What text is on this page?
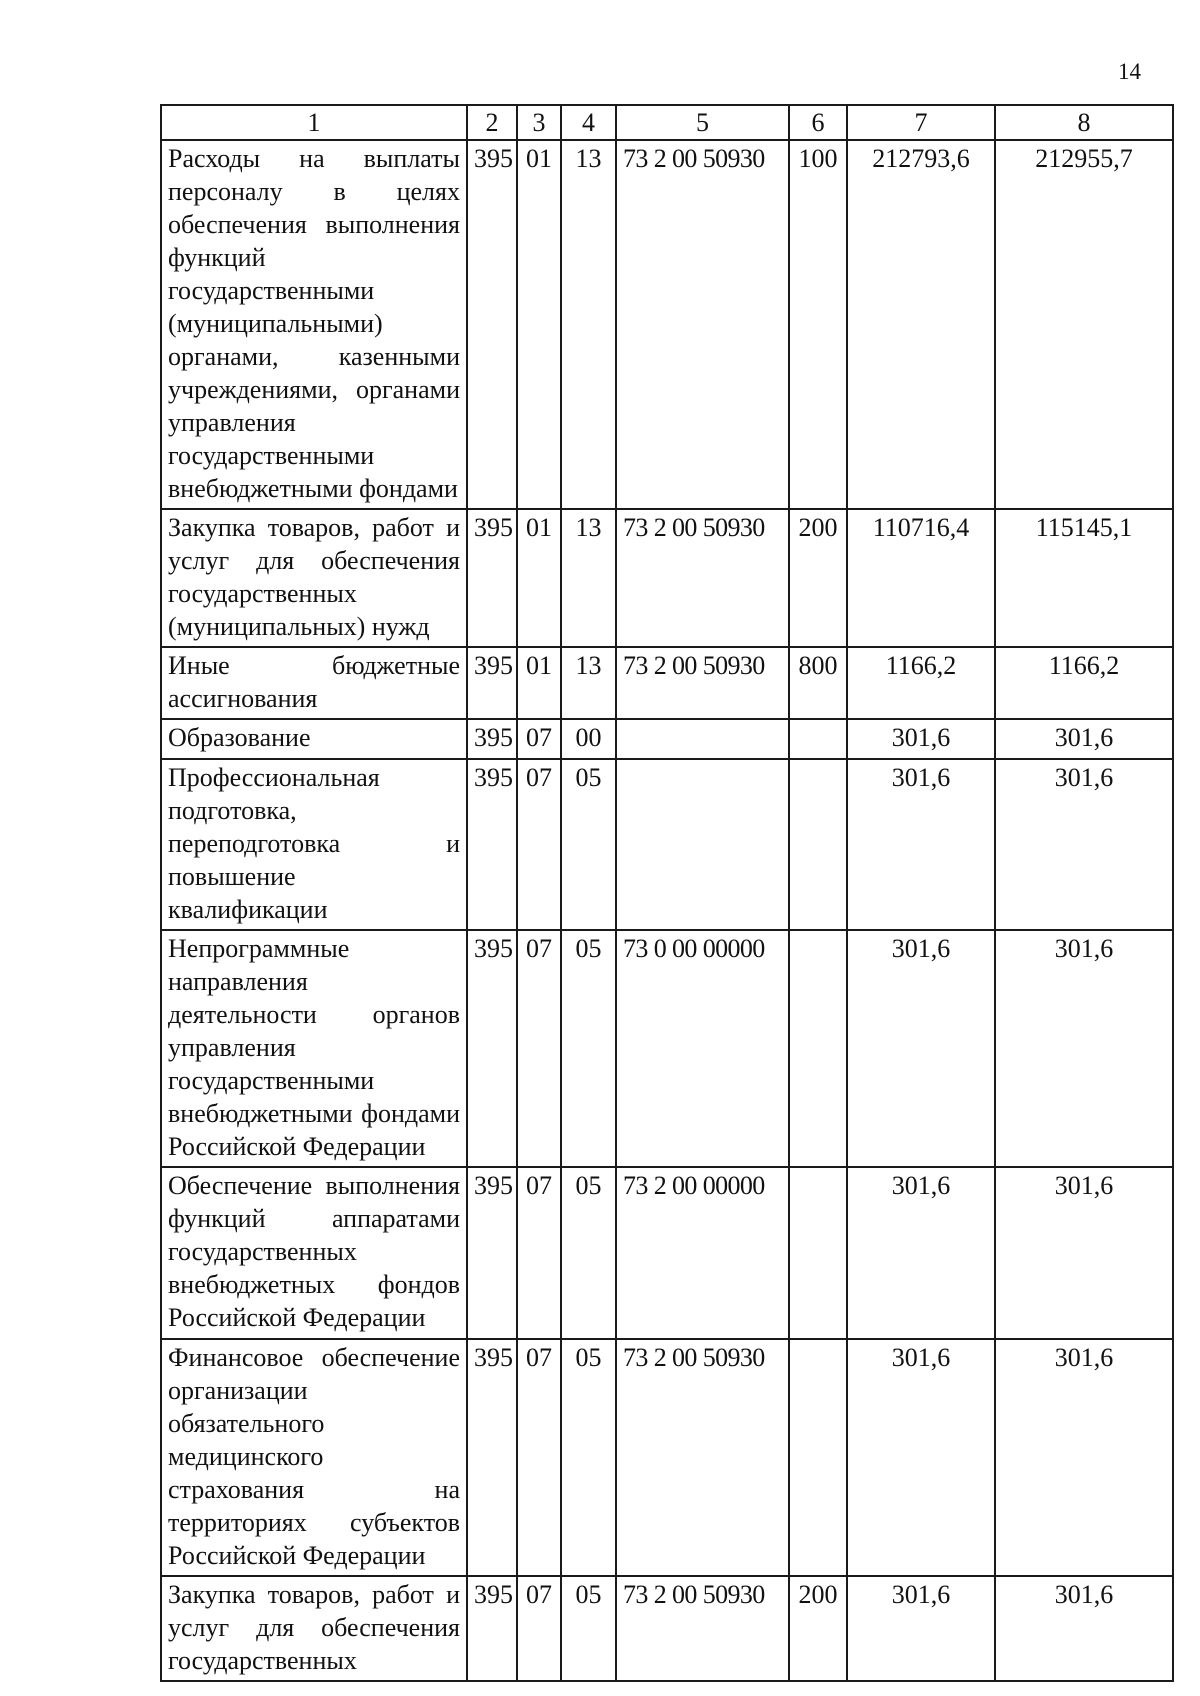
14
1	2	3	4	5	6	7	8
Расходы на выплаты персоналу в целях обеспечения выполнения функций государственными (муниципальными) органами, казенными учреждениями, органами управления государственными внебюджетными фондами	395	01	13	73 2 00 50930	100	212793,6	212955,7
Закупка товаров, работ и услуг для обеспечения государственных (муниципальных) нужд	395	01	13	73 2 00 50930	200	110716,4	115145,1
Иные бюджетные ассигнования	395	01	13	73 2 00 50930	800	1166,2	1166,2
Образование	395	07	00			301,6	301,6
Профессиональная подготовка, переподготовка и повышение квалификации	395	07	05			301,6	301,6
Непрограммные направления деятельности органов управления государственными внебюджетными фондами Российской Федерации	395	07	05	73 0 00 00000		301,6	301,6
Обеспечение выполнения функций аппаратами государственных внебюджетных фондов Российской Федерации	395	07	05	73 2 00 00000		301,6	301,6
Финансовое обеспечение организации обязательного медицинского страхования на территориях субъектов Российской Федерации	395	07	05	73 2 00 50930		301,6	301,6
Закупка товаров, работ и услуг для обеспечения государственных	395	07	05	73 2 00 50930	200	301,6	301,6
